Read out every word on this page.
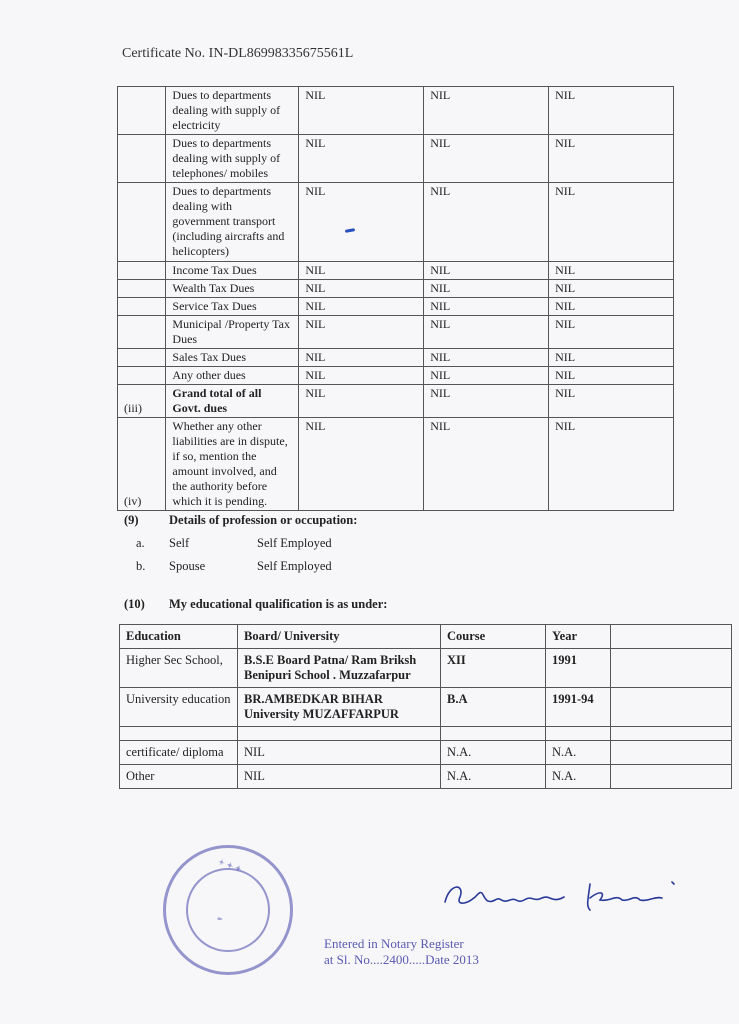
Certificate No. IN-DL86998335675561L
	Dues to departments dealing with supply of electricity	NIL	NIL	NIL
	Dues to departments dealing with supply of telephones/ mobiles	NIL	NIL	NIL
	Dues to departments dealing with government transport (including aircrafts and helicopters)	NIL	NIL	NIL
	Income Tax Dues	NIL	NIL	NIL
	Wealth Tax Dues	NIL	NIL	NIL
	Service Tax Dues	NIL	NIL	NIL
	Municipal /Property Tax Dues	NIL	NIL	NIL
	Sales Tax Dues	NIL	NIL	NIL
	Any other dues	NIL	NIL	NIL
(iii)	Grand total of all Govt. dues	NIL	NIL	NIL
(iv)	Whether any other liabilities are in dispute, if so, mention the amount involved, and the authority before which it is pending.	NIL	NIL	NIL
(9) Details of profession or occupation:
a. Self	Self Employed
b. Spouse	Self Employed
(10) My educational qualification is as under:
Education	Board/ University	Course	Year	
Higher Sec School,	B.S.E Board Patna/ Ram Briksh Benipuri School . Muzzafarpur	XII	1991	
University education	BR.AMBEDKAR BIHAR University MUZAFFARPUR	B.A	1991-94	

certificate/ diploma	NIL	N.A.	N.A.	
Other	NIL	N.A.	N.A.	
✦ ✦ ✦
✎
Entered in Notary Register
at Sl. No....2400.....Date 2013
